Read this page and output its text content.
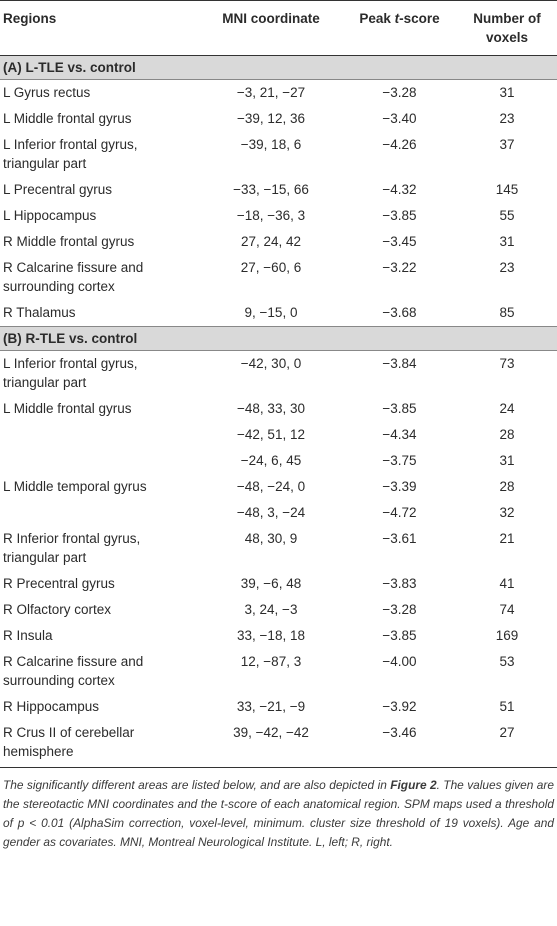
Regions	MNI coordinate	Peak t-score	Number of
voxels
(A) L-TLE vs. control			
L Gyrus rectus	−3, 21, −27	−3.28	31
L Middle frontal gyrus	−39, 12, 36	−3.40	23
L Inferior frontal gyrus,
triangular part	−39, 18, 6	−4.26	37
L Precentral gyrus	−33, −15, 66	−4.32	145
L Hippocampus	−18, −36, 3	−3.85	55
R Middle frontal gyrus	27, 24, 42	−3.45	31
R Calcarine fissure and
surrounding cortex	27, −60, 6	−3.22	23
R Thalamus	9, −15, 0	−3.68	85
(B) R-TLE vs. control			
L Inferior frontal gyrus,
triangular part	−42, 30, 0	−3.84	73
L Middle frontal gyrus	−48, 33, 30	−3.85	24
	−42, 51, 12	−4.34	28
	−24, 6, 45	−3.75	31
L Middle temporal gyrus	−48, −24, 0	−3.39	28
	−48, 3, −24	−4.72	32
R Inferior frontal gyrus,
triangular part	48, 30, 9	−3.61	21
R Precentral gyrus	39, −6, 48	−3.83	41
R Olfactory cortex	3, 24, −3	−3.28	74
R Insula	33, −18, 18	−3.85	169
R Calcarine fissure and
surrounding cortex	12, −87, 3	−4.00	53
R Hippocampus	33, −21, −9	−3.92	51
R Crus II of cerebellar
hemisphere	39, −42, −42	−3.46	27
The significantly different areas are listed below, and are also depicted in Figure 2. The values given are the stereotactic MNI coordinates and the t-score of each anatomical region. SPM maps used a threshold of p < 0.01 (AlphaSim correction, voxel-level, minimum. cluster size threshold of 19 voxels). Age and gender as covariates. MNI, Montreal Neurological Institute. L, left; R, right.
